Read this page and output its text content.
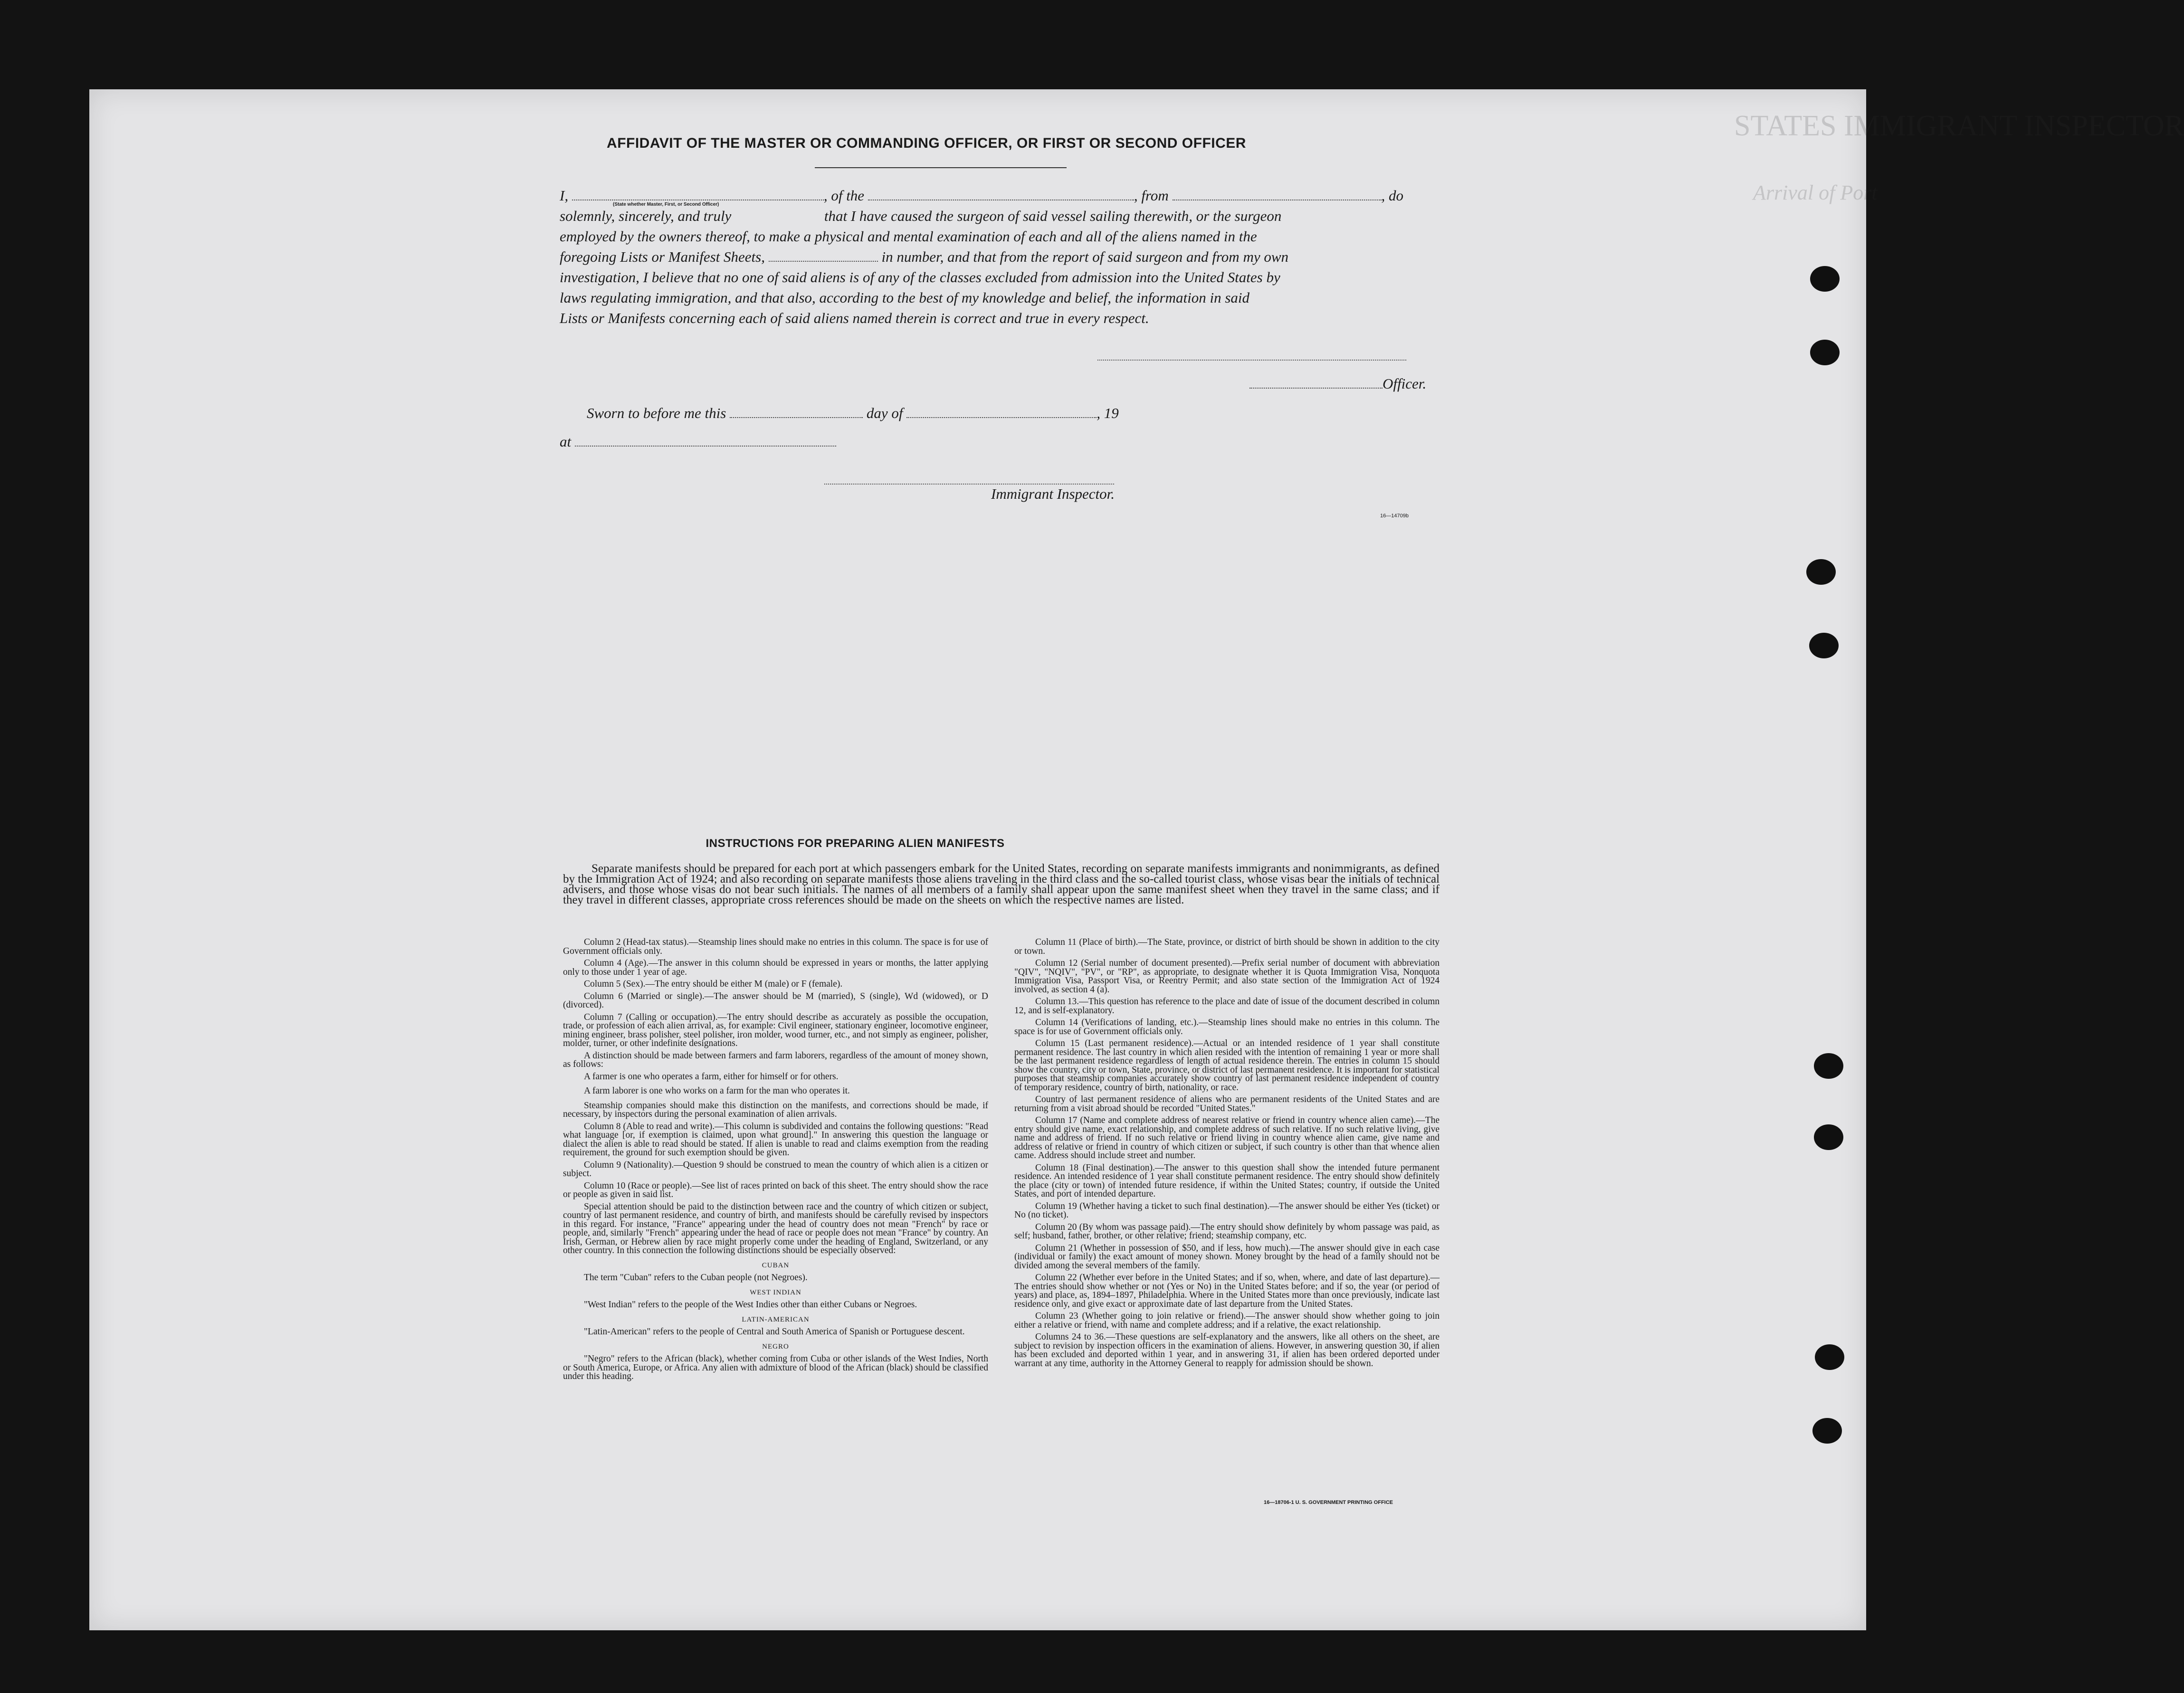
STATES IMMIGRANT INSPECTOR
Arrival of Port
AFFIDAVIT OF THE MASTER OR COMMANDING OFFICER, OR FIRST OR SECOND OFFICER
(State whether Master, First, or Second Officer)
I,	, of the	, from	, do
solemnly, sincerely, and truly	that I have caused the surgeon of said vessel sailing therewith, or the surgeon
employed by the owners thereof, to make a physical and mental examination of each and all of the aliens named in the
foregoing Lists or Manifest Sheets,	in number, and that from the report of said surgeon and from my own
investigation, I believe that no one of said aliens is of any of the classes excluded from admission into the United States by
laws regulating immigration, and that also, according to the best of my knowledge and belief, the information in said
Lists or Manifests concerning each of said aliens named therein is correct and true in every respect.
Officer.
Sworn to before me this	day of	, 19
at
Immigrant Inspector.
16—14709b
INSTRUCTIONS FOR PREPARING ALIEN MANIFESTS
Separate manifests should be prepared for each port at which passengers embark for the United States, recording on separate manifests immigrants and nonimmigrants, as defined by the Immigration Act of 1924; and also recording on separate manifests those aliens traveling in the third class and the so-called tourist class, whose visas bear the initials of technical advisers, and those whose visas do not bear such initials. The names of all members of a family shall appear upon the same manifest sheet when they travel in the same class; and if they travel in different classes, appropriate cross references should be made on the sheets on which the respective names are listed.

Column 2 (Head-tax status).—Steamship lines should make no entries in this column. The space is for use of Government officials only.

Column 4 (Age).—The answer in this column should be expressed in years or months, the latter applying only to those under 1 year of age.

Column 5 (Sex).—The entry should be either M (male) or F (female).

Column 6 (Married or single).—The answer should be M (married), S (single), Wd (widowed), or D (divorced).

Column 7 (Calling or occupation).—The entry should describe as accurately as possible the occupation, trade, or profession of each alien arrival, as, for example: Civil engineer, stationary engineer, locomotive engineer, mining engineer, brass polisher, steel polisher, iron molder, wood turner, etc., and not simply as engineer, polisher, molder, turner, or other indefinite designations.

A distinction should be made between farmers and farm laborers, regardless of the amount of money shown, as follows:

A farmer is one who operates a farm, either for himself or for others.

A farm laborer is one who works on a farm for the man who operates it.

Steamship companies should make this distinction on the manifests, and corrections should be made, if necessary, by inspectors during the personal examination of alien arrivals.

Column 8 (Able to read and write).—This column is subdivided and contains the following questions: "Read what language [or, if exemption is claimed, upon what ground]." In answering this question the language or dialect the alien is able to read should be stated. If alien is unable to read and claims exemption from the reading requirement, the ground for such exemption should be given.

Column 9 (Nationality).—Question 9 should be construed to mean the country of which alien is a citizen or subject.

Column 10 (Race or people).—See list of races printed on back of this sheet. The entry should show the race or people as given in said list.

Special attention should be paid to the distinction between race and the country of which citizen or subject, country of last permanent residence, and country of birth, and manifests should be carefully revised by inspectors in this regard. For instance, "France" appearing under the head of country does not mean "French" by race or people, and, similarly "French" appearing under the head of race or people does not mean "France" by country. An Irish, German, or Hebrew alien by race might properly come under the heading of England, Switzerland, or any other country. In this connection the following distinctions should be especially observed:

CUBAN

The term "Cuban" refers to the Cuban people (not Negroes).

WEST INDIAN

"West Indian" refers to the people of the West Indies other than either Cubans or Negroes.

LATIN-AMERICAN

"Latin-American" refers to the people of Central and South America of Spanish or Portuguese descent.

NEGRO

"Negro" refers to the African (black), whether coming from Cuba or other islands of the West Indies, North or South America, Europe, or Africa. Any alien with admixture of blood of the African (black) should be classified under this heading.

Column 11 (Place of birth).—The State, province, or district of birth should be shown in addition to the city or town.

Column 12 (Serial number of document presented).—Prefix serial number of document with abbreviation "QIV", "NQIV", "PV", or "RP", as appropriate, to designate whether it is Quota Immigration Visa, Nonquota Immigration Visa, Passport Visa, or Reentry Permit; and also state section of the Immigration Act of 1924 involved, as section 4 (a).

Column 13.—This question has reference to the place and date of issue of the document described in column 12, and is self-explanatory.

Column 14 (Verifications of landing, etc.).—Steamship lines should make no entries in this column. The space is for use of Government officials only.

Column 15 (Last permanent residence).—Actual or an intended residence of 1 year shall constitute permanent residence. The last country in which alien resided with the intention of remaining 1 year or more shall be the last permanent residence regardless of length of actual residence therein. The entries in column 15 should show the country, city or town, State, province, or district of last permanent residence. It is important for statistical purposes that steamship companies accurately show country of last permanent residence independent of country of temporary residence, country of birth, nationality, or race.

Country of last permanent residence of aliens who are permanent residents of the United States and are returning from a visit abroad should be recorded "United States."

Column 17 (Name and complete address of nearest relative or friend in country whence alien came).—The entry should give name, exact relationship, and complete address of such relative. If no such relative living, give name and address of friend. If no such relative or friend living in country whence alien came, give name and address of relative or friend in country of which citizen or subject, if such country is other than that whence alien came. Address should include street and number.

Column 18 (Final destination).—The answer to this question shall show the intended future permanent residence. An intended residence of 1 year shall constitute permanent residence. The entry should show definitely the place (city or town) of intended future residence, if within the United States; country, if outside the United States, and port of intended departure.

Column 19 (Whether having a ticket to such final destination).—The answer should be either Yes (ticket) or No (no ticket).

Column 20 (By whom was passage paid).—The entry should show definitely by whom passage was paid, as self; husband, father, brother, or other relative; friend; steamship company, etc.

Column 21 (Whether in possession of $50, and if less, how much).—The answer should give in each case (individual or family) the exact amount of money shown. Money brought by the head of a family should not be divided among the several members of the family.

Column 22 (Whether ever before in the United States; and if so, when, where, and date of last departure).—The entries should show whether or not (Yes or No) in the United States before; and if so, the year (or period of years) and place, as, 1894–1897, Philadelphia. Where in the United States more than once previously, indicate last residence only, and give exact or approximate date of last departure from the United States.

Column 23 (Whether going to join relative or friend).—The answer should show whether going to join either a relative or friend, with name and complete address; and if a relative, the exact relationship.

Columns 24 to 36.—These questions are self-explanatory and the answers, like all others on the sheet, are subject to revision by inspection officers in the examination of aliens. However, in answering question 30, if alien has been excluded and deported within 1 year, and in answering 31, if alien has been ordered deported under warrant at any time, authority in the Attorney General to reapply for admission should be shown.

16—18706-1 U. S. GOVERNMENT PRINTING OFFICE
